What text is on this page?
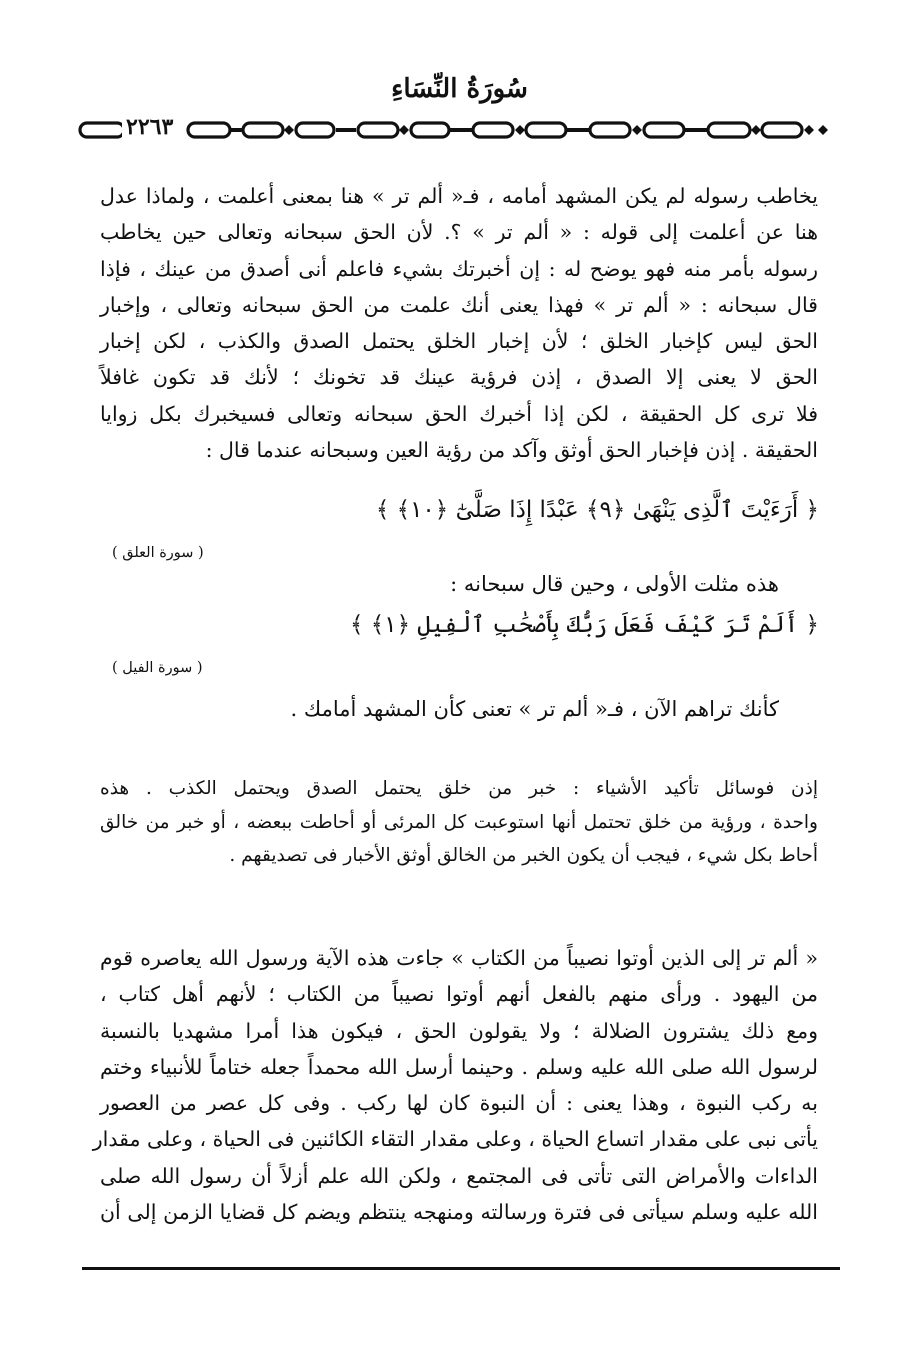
سُورَةُ النِّسَاءِ
٢٢٦٣
يخاطب رسوله لم يكن المشهد أمامه ، فـ« ألم تر » هنا بمعنى أعلمت ، ولماذا عدل
هنا عن أعلمت إلى قوله : « ألم تر » ؟. لأن الحق سبحانه وتعالى حين يخاطب
رسوله بأمر منه فهو يوضح له : إن أخبرتك بشيء فاعلم أنى أصدق من عينك ، فإذا
قال سبحانه : « ألم تر » فهذا يعنى أنك علمت من الحق سبحانه وتعالى ، وإخبار
الحق ليس كإخبار الخلق ؛ لأن إخبار الخلق يحتمل الصدق والكذب ، لكن إخبار
الحق لا يعنى إلا الصدق ، إذن فرؤية عينك قد تخونك ؛ لأنك قد تكون غافلاً
فلا ترى كل الحقيقة ، لكن إذا أخبرك الحق سبحانه وتعالى فسيخبرك بكل زوايا
الحقيقة . إذن فإخبار الحق أوثق وآكد من رؤية العين وسبحانه عندما قال :
﴿ أَرَءَيْتَ ٱلَّذِى يَنْهَىٰ ﴿٩﴾ عَبْدًا إِذَا صَلَّىٰٓ ﴿١٠﴾ ﴾
( سورة العلق )
هذه مثلت الأولى ، وحين قال سبحانه :
﴿ أَلَمْ تَرَ كَيْفَ فَعَلَ رَبُّكَ بِأَصْحَٰبِ ٱلْفِيلِ ﴿١﴾ ﴾
( سورة الفيل )
كأنك تراهم الآن ، فـ« ألم تر » تعنى كأن المشهد أمامك .
إذن فوسائل تأكيد الأشياء : خبر من خلق يحتمل الصدق ويحتمل الكذب . هذه
واحدة ، ورؤية من خلق تحتمل أنها استوعبت كل المرئى أو أحاطت ببعضه ، أو خبر من خالق
أحاط بكل شيء ، فيجب أن يكون الخبر من الخالق أوثق الأخبار فى تصديقهم .
« ألم تر إلى الذين أوتوا نصيباً من الكتاب » جاءت هذه الآية ورسول الله يعاصره قوم
من اليهود . ورأى منهم بالفعل أنهم أوتوا نصيباً من الكتاب ؛ لأنهم أهل كتاب ،
ومع ذلك يشترون الضلالة ؛ ولا يقولون الحق ، فيكون هذا أمرا مشهديا بالنسبة
لرسول الله صلى الله عليه وسلم . وحينما أرسل الله محمداً جعله ختاماً للأنبياء وختم
به ركب النبوة ، وهذا يعنى : أن النبوة كان لها ركب . وفى كل عصر من العصور
يأتى نبى على مقدار اتساع الحياة ، وعلى مقدار التقاء الكائنين فى الحياة ، وعلى مقدار
الداءات والأمراض التى تأتى فى المجتمع ، ولكن الله علم أزلاً أن رسول الله صلى
الله عليه وسلم سيأتى فى فترة ورسالته ومنهجه ينتظم ويضم كل قضايا الزمن إلى أن
